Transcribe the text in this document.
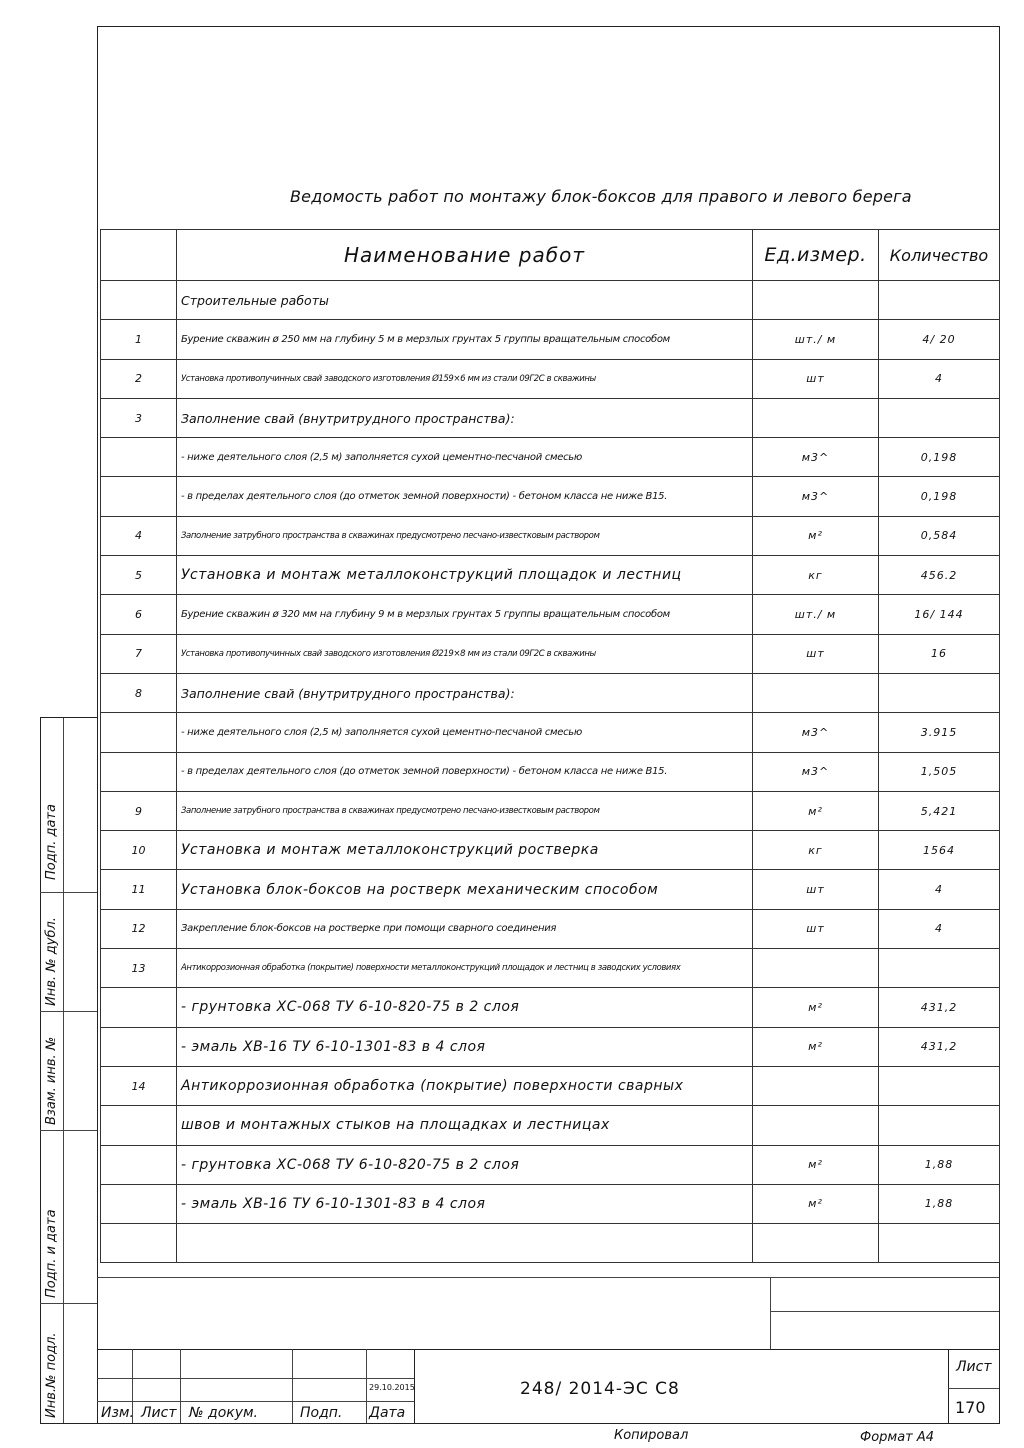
Ведомость работ по монтажу блок-боксов для правого и левого берега
	Наименование работ	Ед.измер.	Количество
	Строительные работы		
1	Бурение скважин ø 250 мм на глубину 5 м в мерзлых грунтах 5 группы вращательным способом	шт./ м	4/ 20
2	Установка противопучинных свай заводского изготовления Ø159×6 мм из стали 09Г2С в скважины	шт	4
3	Заполнение свай (внутритрудного пространства):		
	- ниже деятельного слоя (2,5 м) заполняется сухой цементно-песчаной смесью	м3^	0,198
	- в пределах деятельного слоя (до отметок земной поверхности) - бетоном класса не ниже В15.	м3^	0,198
4	Заполнение затрубного пространства в скважинах предусмотрено песчано-известковым раствором	м²	0,584
5	Установка и монтаж металлоконструкций площадок и лестниц	кг	456.2
6	Бурение скважин ø 320 мм на глубину 9 м в мерзлых грунтах 5 группы вращательным способом	шт./ м	16/ 144
7	Установка противопучинных свай заводского изготовления Ø219×8 мм из стали 09Г2С в скважины	шт	16
8	Заполнение свай (внутритрудного пространства):		
	- ниже деятельного слоя (2,5 м) заполняется сухой цементно-песчаной смесью	м3^	3.915
	- в пределах деятельного слоя (до отметок земной поверхности) - бетоном класса не ниже В15.	м3^	1,505
9	Заполнение затрубного пространства в скважинах предусмотрено песчано-известковым раствором	м²	5,421
10	Установка и монтаж металлоконструкций ростверка	кг	1564
11	Установка блок-боксов на ростверк механическим способом	шт	4
12	Закрепление блок-боксов на ростверке при помощи сварного соединения	шт	4
13	Антикоррозионная обработка (покрытие) поверхности металлоконструкций площадок и лестниц в заводских условиях		
	- грунтовка ХС-068 ТУ 6-10-820-75 в 2 слоя	м²	431,2
	- эмаль ХВ-16 ТУ 6-10-1301-83 в 4 слоя	м²	431,2
14	Антикоррозионная обработка (покрытие) поверхности сварных		
	швов и монтажных стыков на площадках и лестницах		
	- грунтовка ХС-068 ТУ 6-10-820-75 в 2 слоя	м²	1,88
	- эмаль ХВ-16 ТУ 6-10-1301-83 в 4 слоя	м²	1,88

Изм. Лист № докум.	Подп. Дата
29.10.2015	248/ 2014-ЭС С8
Лист
170
Подп. дата
Инв. № дубл.
Взам. инв. №
Подп. и дата
Инв.№ подл.
Копировал	Формат А4
